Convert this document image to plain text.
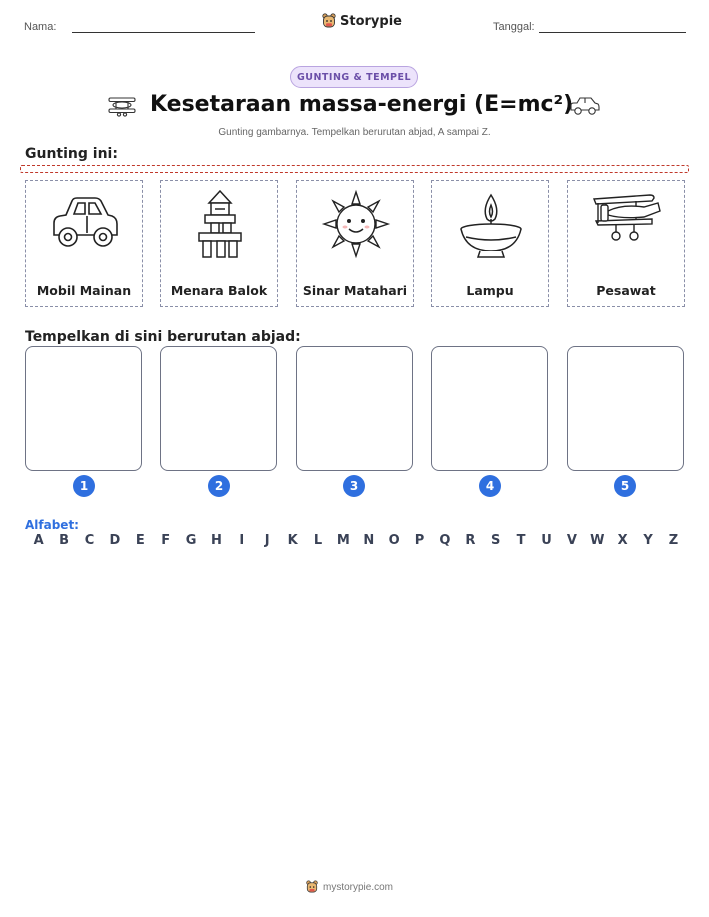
Nama:	Storypie	Tanggal:
GUNTING & TEMPEL
Kesetaraan massa-energi (E=mc²)
Gunting gambarnya. Tempelkan berurutan abjad, A sampai Z.
Gunting ini:
Mobil Mainan	Menara Balok	Sinar Matahari	Lampu	Pesawat
Tempelkan di sini berurutan abjad:
1	2	3	4	5
Alfabet:
A	B	C	D	E	F	G	H	I	J	K	L	M	N	O	P	Q	R	S	T	U	V	W	X	Y	Z
mystorypie.com
